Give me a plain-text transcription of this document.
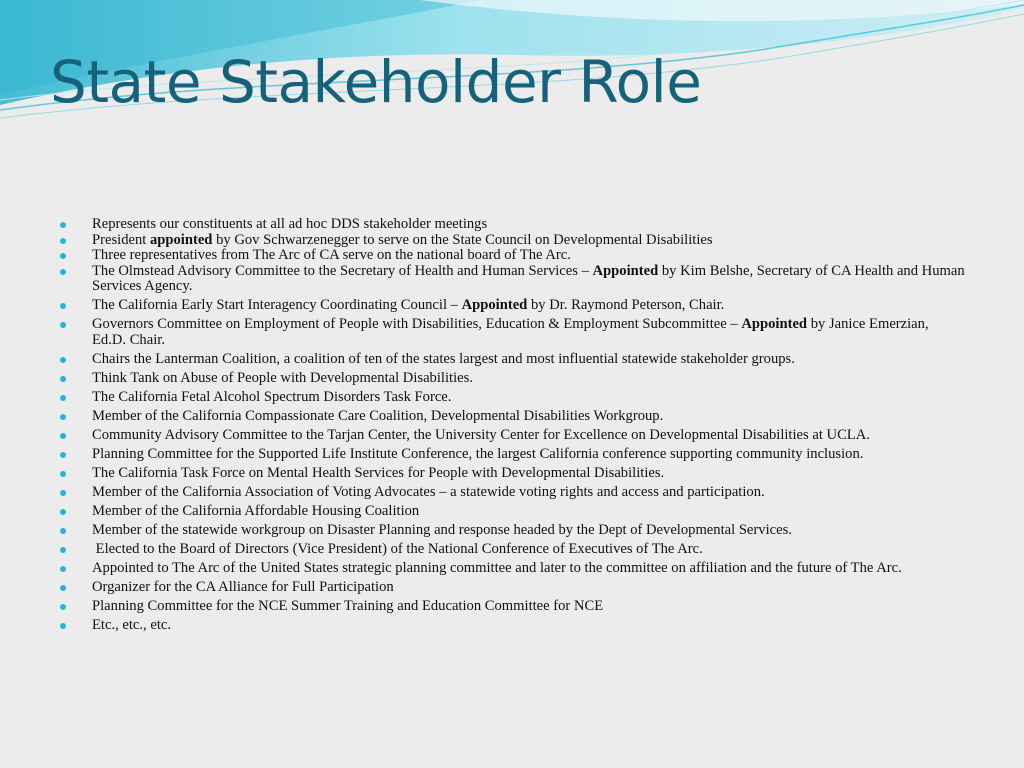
State Stakeholder Role
Represents our constituents at all ad hoc DDS stakeholder meetings
President appointed by Gov Schwarzenegger to serve on the State Council on Developmental Disabilities
Three representatives from The Arc of CA serve on the national board of The Arc.
The Olmstead Advisory Committee to the Secretary of Health and Human Services – Appointed by Kim Belshe, Secretary of CA Health and Human Services Agency.
The California Early Start Interagency Coordinating Council – Appointed by Dr. Raymond Peterson, Chair.
Governors Committee on Employment of People with Disabilities, Education & Employment Subcommittee – Appointed by Janice Emerzian, Ed.D. Chair.
Chairs the Lanterman Coalition, a coalition of ten of the states largest and most influential statewide stakeholder groups.
Think Tank on Abuse of People with Developmental Disabilities.
The California Fetal Alcohol Spectrum Disorders Task Force.
Member of the California Compassionate Care Coalition, Developmental Disabilities Workgroup.
Community Advisory Committee to the Tarjan Center, the University Center for Excellence on Developmental Disabilities at UCLA.
Planning Committee for the Supported Life Institute Conference, the largest California conference supporting community inclusion.
The California Task Force on Mental Health Services for People with Developmental Disabilities.
Member of the California Association of Voting Advocates – a statewide voting rights and access and participation.
Member of the California Affordable Housing Coalition
Member of the statewide workgroup on Disaster Planning and response headed by the Dept of Developmental Services.
Elected to the Board of Directors (Vice President) of the National Conference of Executives of The Arc.
Appointed to The Arc of the United States strategic planning committee and later to the committee on affiliation and the future of The Arc.
Organizer for the CA Alliance for Full Participation
Planning Committee for the NCE Summer Training and Education Committee for NCE
Etc., etc., etc.
